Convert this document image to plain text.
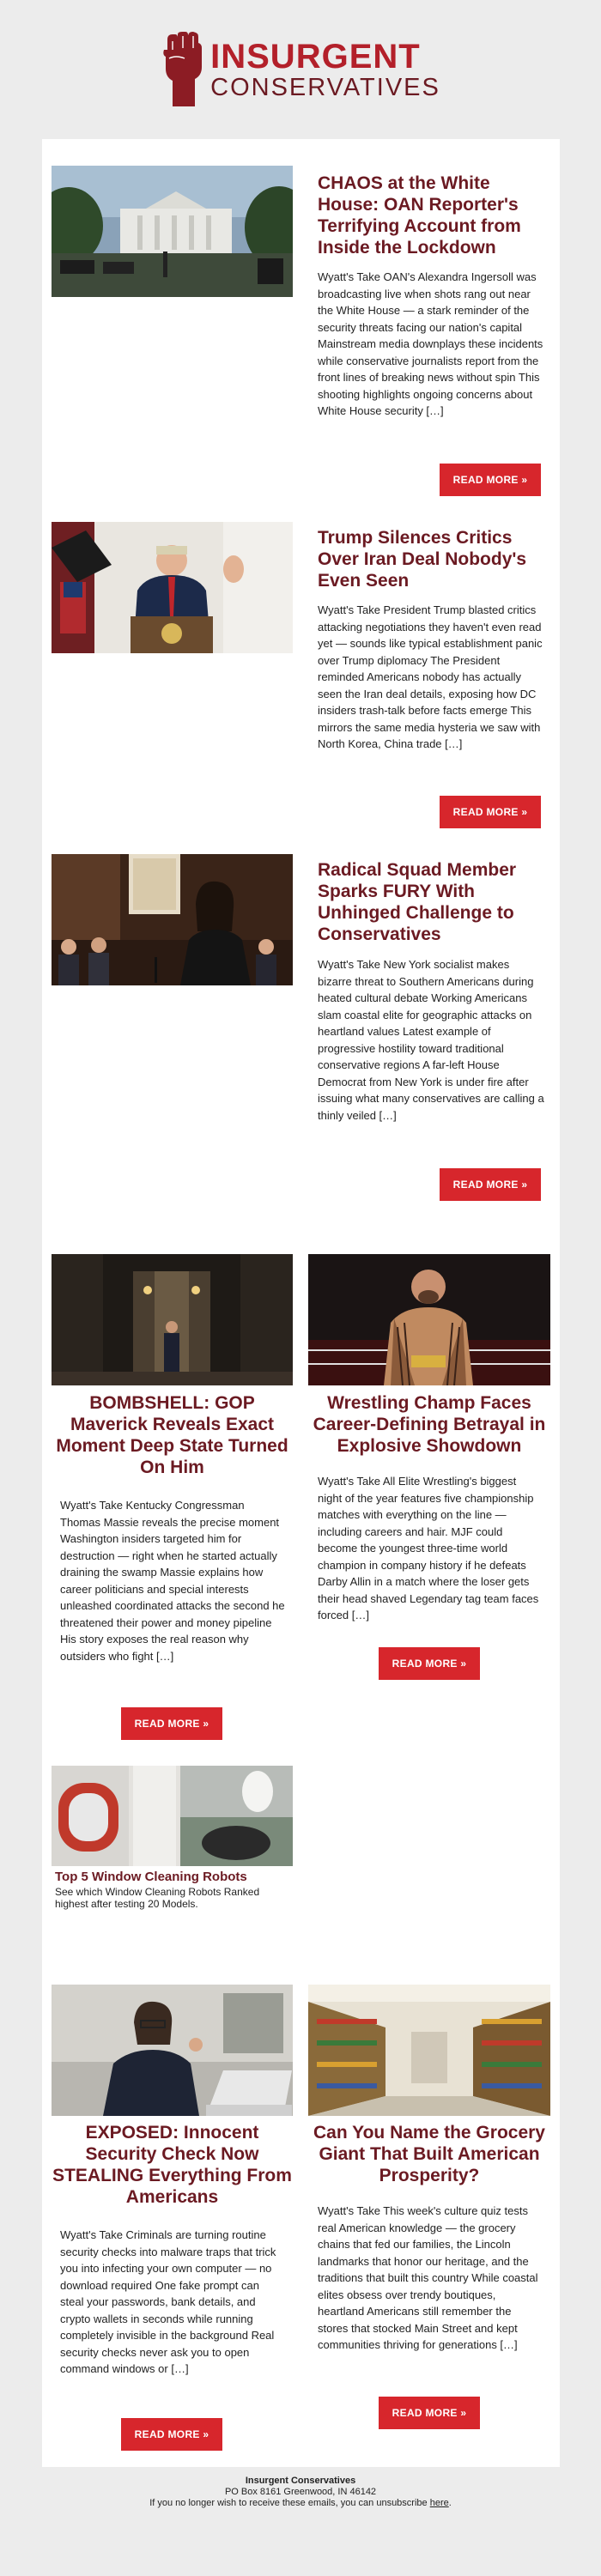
INSURGENT
CONSERVATIVES
CHAOS at the White House: OAN Reporter's Terrifying Account from Inside the Lockdown
Wyatt's Take OAN's Alexandra Ingersoll was broadcasting live when shots rang out near the White House — a stark reminder of the security threats facing our nation's capital Mainstream media downplays these incidents while conservative journalists report from the front lines of breaking news without spin This shooting highlights ongoing concerns about White House security […]
READ MORE »
Trump Silences Critics Over Iran Deal Nobody's Even Seen
Wyatt's Take President Trump blasted critics attacking negotiations they haven't even read yet — sounds like typical establishment panic over Trump diplomacy The President reminded Americans nobody has actually seen the Iran deal details, exposing how DC insiders trash-talk before facts emerge This mirrors the same media hysteria we saw with North Korea, China trade […]
READ MORE »
Radical Squad Member Sparks FURY With Unhinged Challenge to Conservatives
Wyatt's Take New York socialist makes bizarre threat to Southern Americans during heated cultural debate Working Americans slam coastal elite for geographic attacks on heartland values Latest example of progressive hostility toward traditional conservative regions A far-left House Democrat from New York is under fire after issuing what many conservatives are calling a thinly veiled […]
READ MORE »
BOMBSHELL: GOP Maverick Reveals Exact Moment Deep State Turned On Him
Wyatt's Take Kentucky Congressman Thomas Massie reveals the precise moment Washington insiders targeted him for destruction — right when he started actually draining the swamp Massie explains how career politicians and special interests unleashed coordinated attacks the second he threatened their power and money pipeline His story exposes the real reason why outsiders who fight […]
READ MORE »
Wrestling Champ Faces Career-Defining Betrayal in Explosive Showdown
Wyatt's Take All Elite Wrestling's biggest night of the year features five championship matches with everything on the line — including careers and hair. MJF could become the youngest three-time world champion in company history if he defeats Darby Allin in a match where the loser gets their head shaved Legendary tag team faces forced […]
READ MORE »
Top 5 Window Cleaning Robots
See which Window Cleaning Robots Ranked highest after testing 20 Models.
EXPOSED: Innocent Security Check Now STEALING Everything From Americans
Wyatt's Take Criminals are turning routine security checks into malware traps that trick you into infecting your own computer — no download required One fake prompt can steal your passwords, bank details, and crypto wallets in seconds while running completely invisible in the background Real security checks never ask you to open command windows or […]
READ MORE »
Can You Name the Grocery Giant That Built American Prosperity?
Wyatt's Take This week's culture quiz tests real American knowledge — the grocery chains that fed our families, the Lincoln landmarks that honor our heritage, and the traditions that built this country While coastal elites obsess over trendy boutiques, heartland Americans still remember the stores that stocked Main Street and kept communities thriving for generations […]
READ MORE »
Insurgent Conservatives
PO Box 8161 Greenwood, IN 46142
If you no longer wish to receive these emails, you can unsubscribe here.
